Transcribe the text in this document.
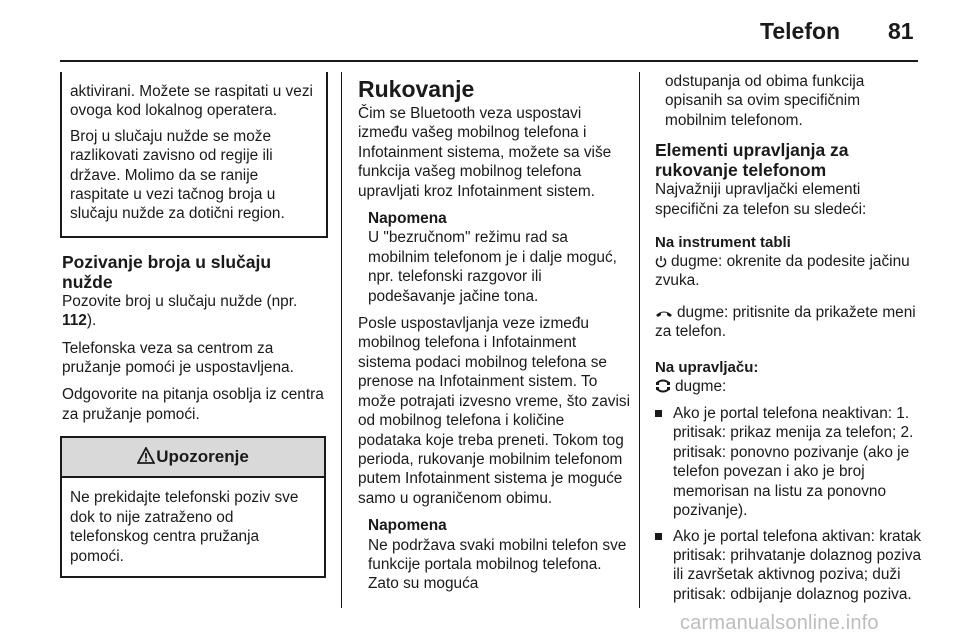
Telefon 81

aktivirani. Možete se raspitati u vezi ovoga kod lokalnog operatera.

Broj u slučaju nužde se može razlikovati zavisno od regije ili države. Molimo da se ranije raspitate u vezi tačnog broja u slučaju nužde za dotični region.

Pozivanje broja u slučaju nužde

Pozovite broj u slučaju nužde (npr. 112).

Telefonska veza sa centrom za pružanje pomoći je uspostavljena.

Odgovorite na pitanja osoblja iz centra za pružanje pomoći.

Upozorenje

Ne prekidajte telefonski poziv sve dok to nije zatraženo od telefonskog centra pružanja pomoći.

Rukovanje

Čim se Bluetooth veza uspostavi između vašeg mobilnog telefona i Infotainment sistema, možete sa više funkcija vašeg mobilnog telefona upravljati kroz Infotainment sistem.

Napomena
U "bezručnom" režimu rad sa mobilnim telefonom je i dalje moguć, npr. telefonski razgovor ili podešavanje jačine tona.

Posle uspostavljanja veze između mobilnog telefona i Infotainment sistema podaci mobilnog telefona se prenose na Infotainment sistem. To može potrajati izvesno vreme, što zavisi od mobilnog telefona i količine podataka koje treba preneti. Tokom tog perioda, rukovanje mobilnim telefonom putem Infotainment sistema je moguće samo u ograničenom obimu.

Napomena
Ne podržava svaki mobilni telefon sve funkcije portala mobilnog telefona. Zato su moguća
odstupanja od obima funkcija opisanih sa ovim specifičnim mobilnim telefonom.
Elementi upravljanja za rukovanje telefonom

Najvažniji upravljački elementi specifični za telefon su sledeći:

Na instrument tabli

dugme: okrenite da podesite jačinu zvuka.

dugme: pritisnite da prikažete meni za telefon.

Na upravljaču:

dugme:

Ako je portal telefona neaktivan: 1. pritisak: prikaz menija za telefon; 2. pritisak: ponovno pozivanje (ako je telefon povezan i ako je broj memorisan na listu za ponovno pozivanje).
Ako je portal telefona aktivan: kratak pritisak: prihvatanje dolaznog poziva ili završetak aktivnog poziva; duži pritisak: odbijanje dolaznog poziva.
carmanualsonline.info
